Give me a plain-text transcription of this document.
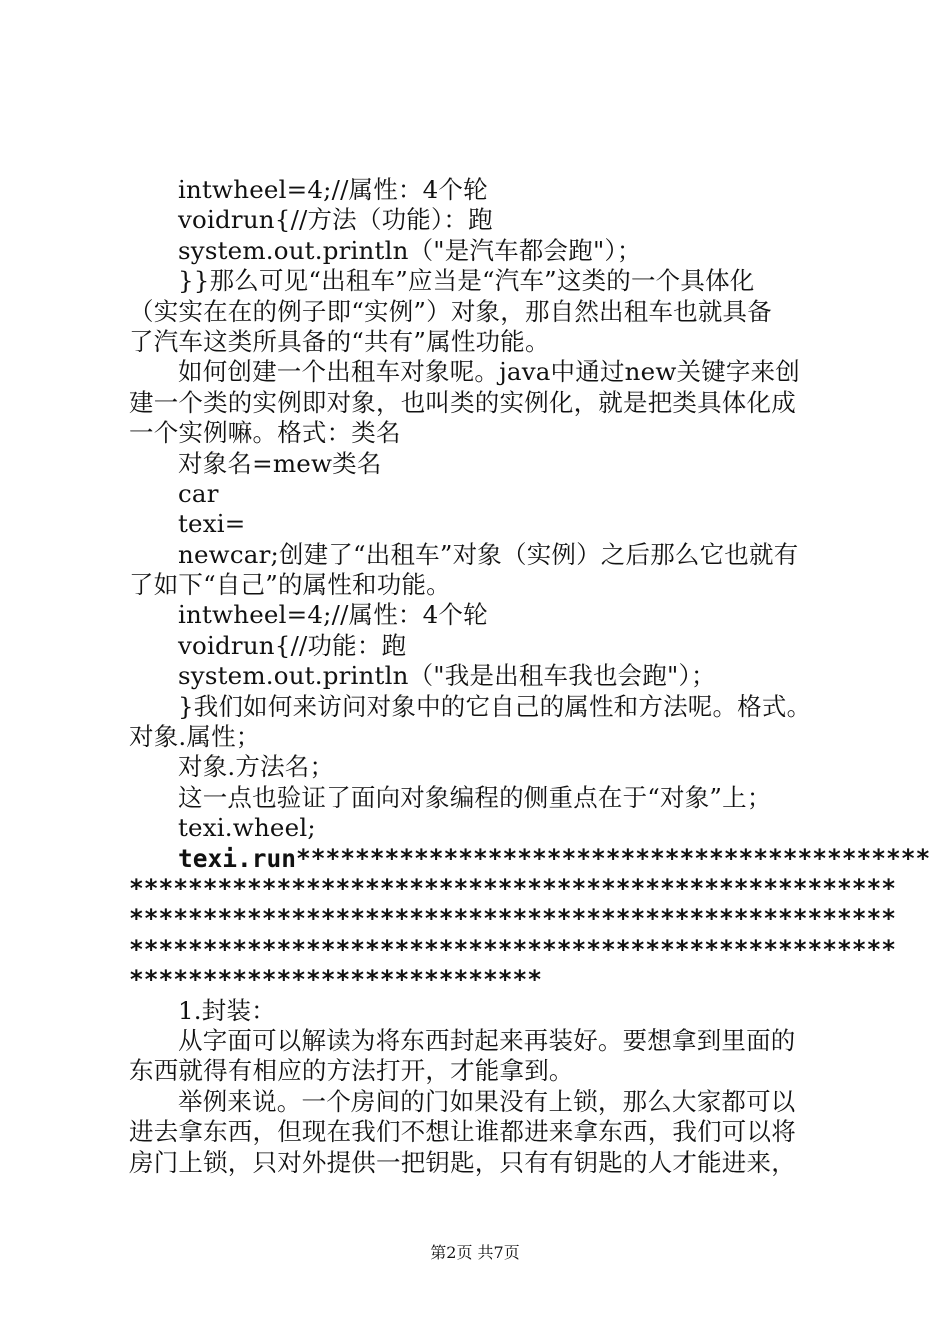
intwheel=4;//属性：4个轮
voidrun{//方法（功能）：跑
system.out.println（"是汽车都会跑"）；
}}那么可见“出租车”应当是“汽车”这类的一个具体化
（实实在在的例子即“实例”）对象，那自然出租车也就具备
了汽车这类所具备的“共有”属性功能。
如何创建一个出租车对象呢。java中通过new关键字来创
建一个类的实例即对象，也叫类的实例化，就是把类具体化成
一个实例嘛。格式：类名
对象名=mew类名
car
texi=
newcar;创建了“出租车”对象（实例）之后那么它也就有
了如下“自己”的属性和功能。
intwheel=4;//属性：4个轮
voidrun{//功能：跑
system.out.println（"我是出租车我也会跑"）；
}我们如何来访问对象中的它自己的属性和方法呢。格式。
对象.属性；
对象.方法名；
这一点也验证了面向对象编程的侧重点在于“对象”上；
texi.wheel;
texi.run*******************************************
****************************************************
****************************************************
****************************************************
****************************
1.封装：
从字面可以解读为将东西封起来再装好。要想拿到里面的
东西就得有相应的方法打开，才能拿到。
举例来说。一个房间的门如果没有上锁，那么大家都可以
进去拿东西，但现在我们不想让谁都进来拿东西，我们可以将
房门上锁，只对外提供一把钥匙，只有有钥匙的人才能进来，
第2页 共7页
